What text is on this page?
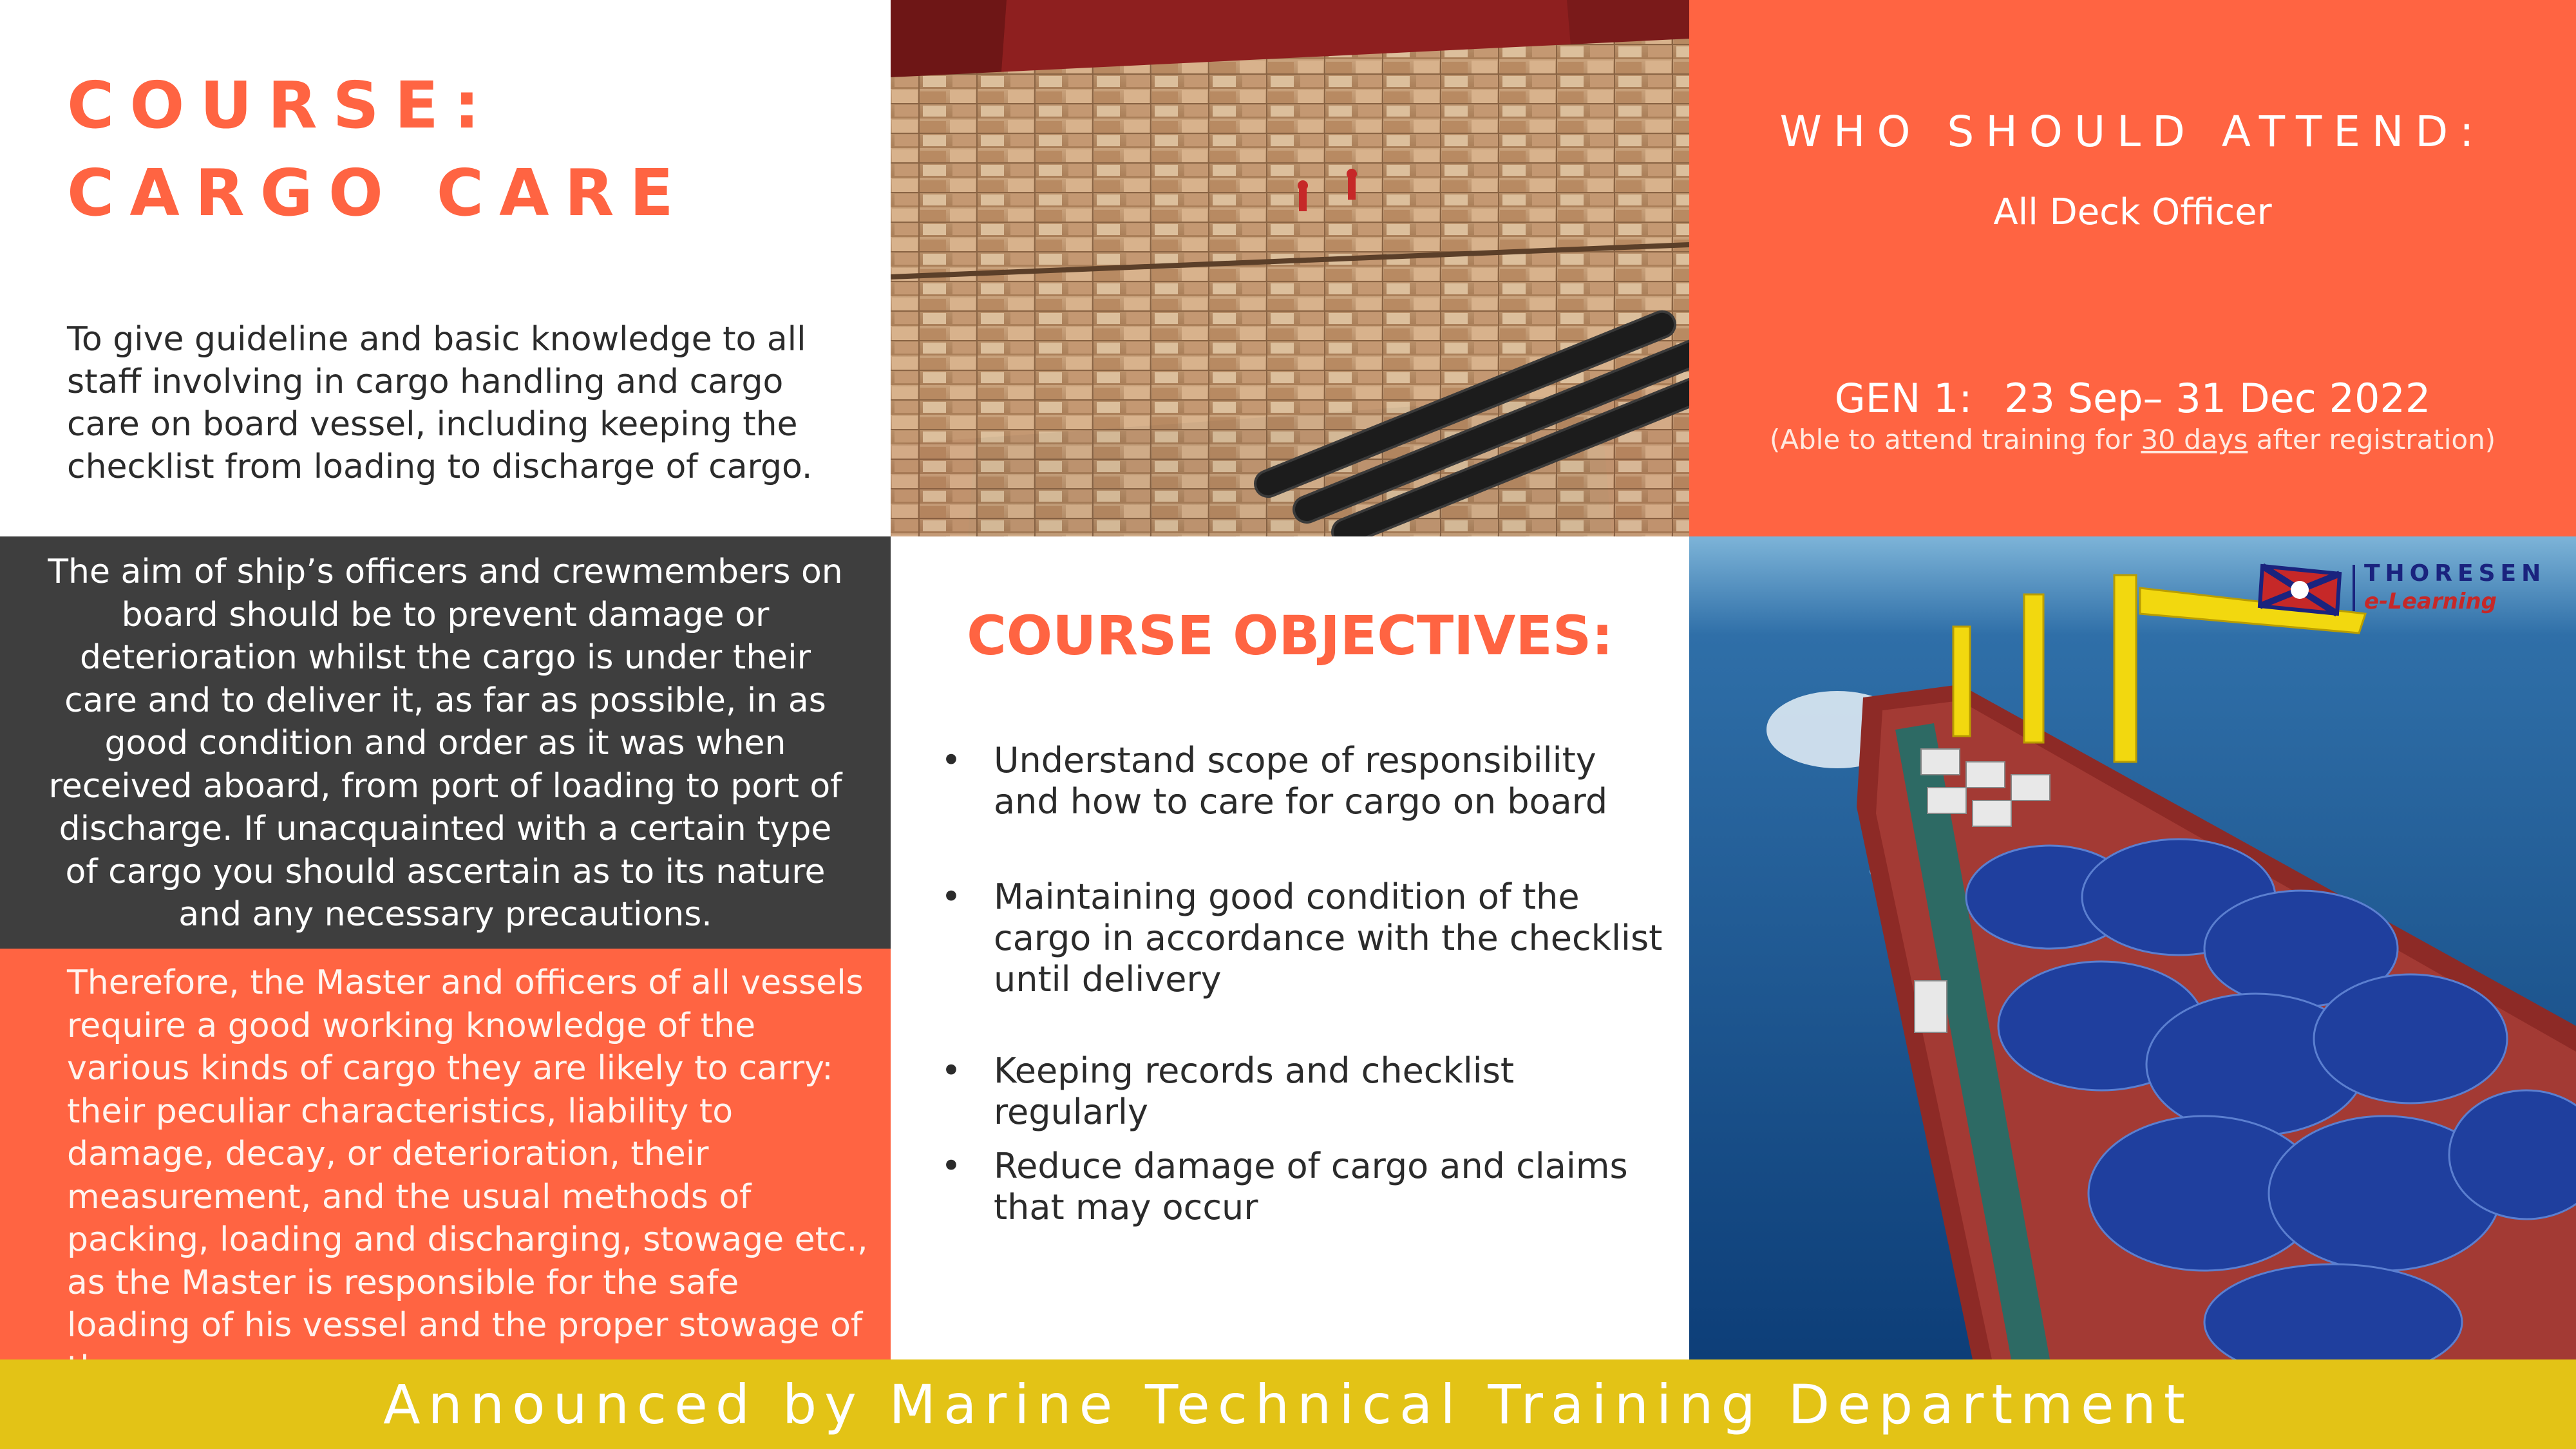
COURSE:
CARGO CARE
To give guideline and basic knowledge to all staff involving in cargo handling and cargo care on board vessel, including keeping the checklist from loading to discharge of cargo.
The aim of ship’s officers and crewmembers on board should be to prevent damage or deterioration whilst the cargo is under their care and to deliver it, as far as possible, in as good condition and order as it was when received aboard, from port of loading to port of discharge. If unacquainted with a certain type of cargo you should ascertain as to its nature and any necessary precautions.
Therefore, the Master and officers of all vessels require a good working knowledge of the various kinds of cargo they are likely to carry: their peculiar characteristics, liability to damage, decay, or deterioration, their measurement, and the usual methods of packing, loading and discharging, stowage etc., as the Master is responsible for the safe loading of his vessel and the proper stowage of
WHO SHOULD ATTEND:
All Deck Officer
GEN 1: 23 Sep– 31 Dec 2022
(Able to attend training for 30 days after registration)
COURSE OBJECTIVES:
• Understand scope of responsibility and how to care for cargo on board
• Maintaining good condition of the cargo in accordance with the checklist until delivery
• Keeping records and checklist regularly
• Reduce damage of cargo and claims that may occur
THORESEN
e-Learning
Announced by Marine Technical Training Department
